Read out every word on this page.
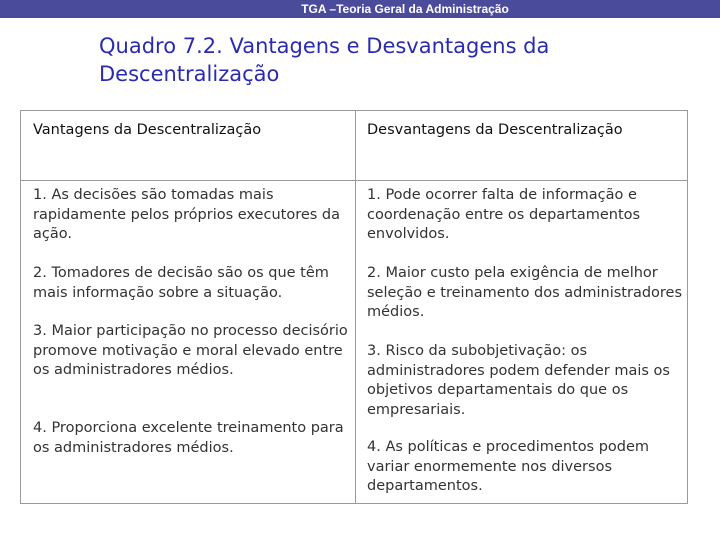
TGA –Teoria Geral da Administração
Quadro 7.2. Vantagens e Desvantagens da Descentralização
Vantagens da Descentralização	Desvantagens da Descentralização
1. As decisões são tomadas mais rapidamente pelos próprios executores da ação.
2. Tomadores de decisão são os que têm mais informação sobre a situação.
3. Maior participação no processo decisório promove motivação e moral elevado entre os administradores médios.
4. Proporciona excelente treinamento para os administradores médios.
1. Pode ocorrer falta de informação e coordenação entre os departamentos envolvidos.
2. Maior custo pela exigência de melhor seleção e treinamento dos administradores médios.
3. Risco da subobjetivação: os administradores podem defender mais os objetivos departamentais do que os empresariais.
4. As políticas e procedimentos podem variar enormemente nos diversos departamentos.
